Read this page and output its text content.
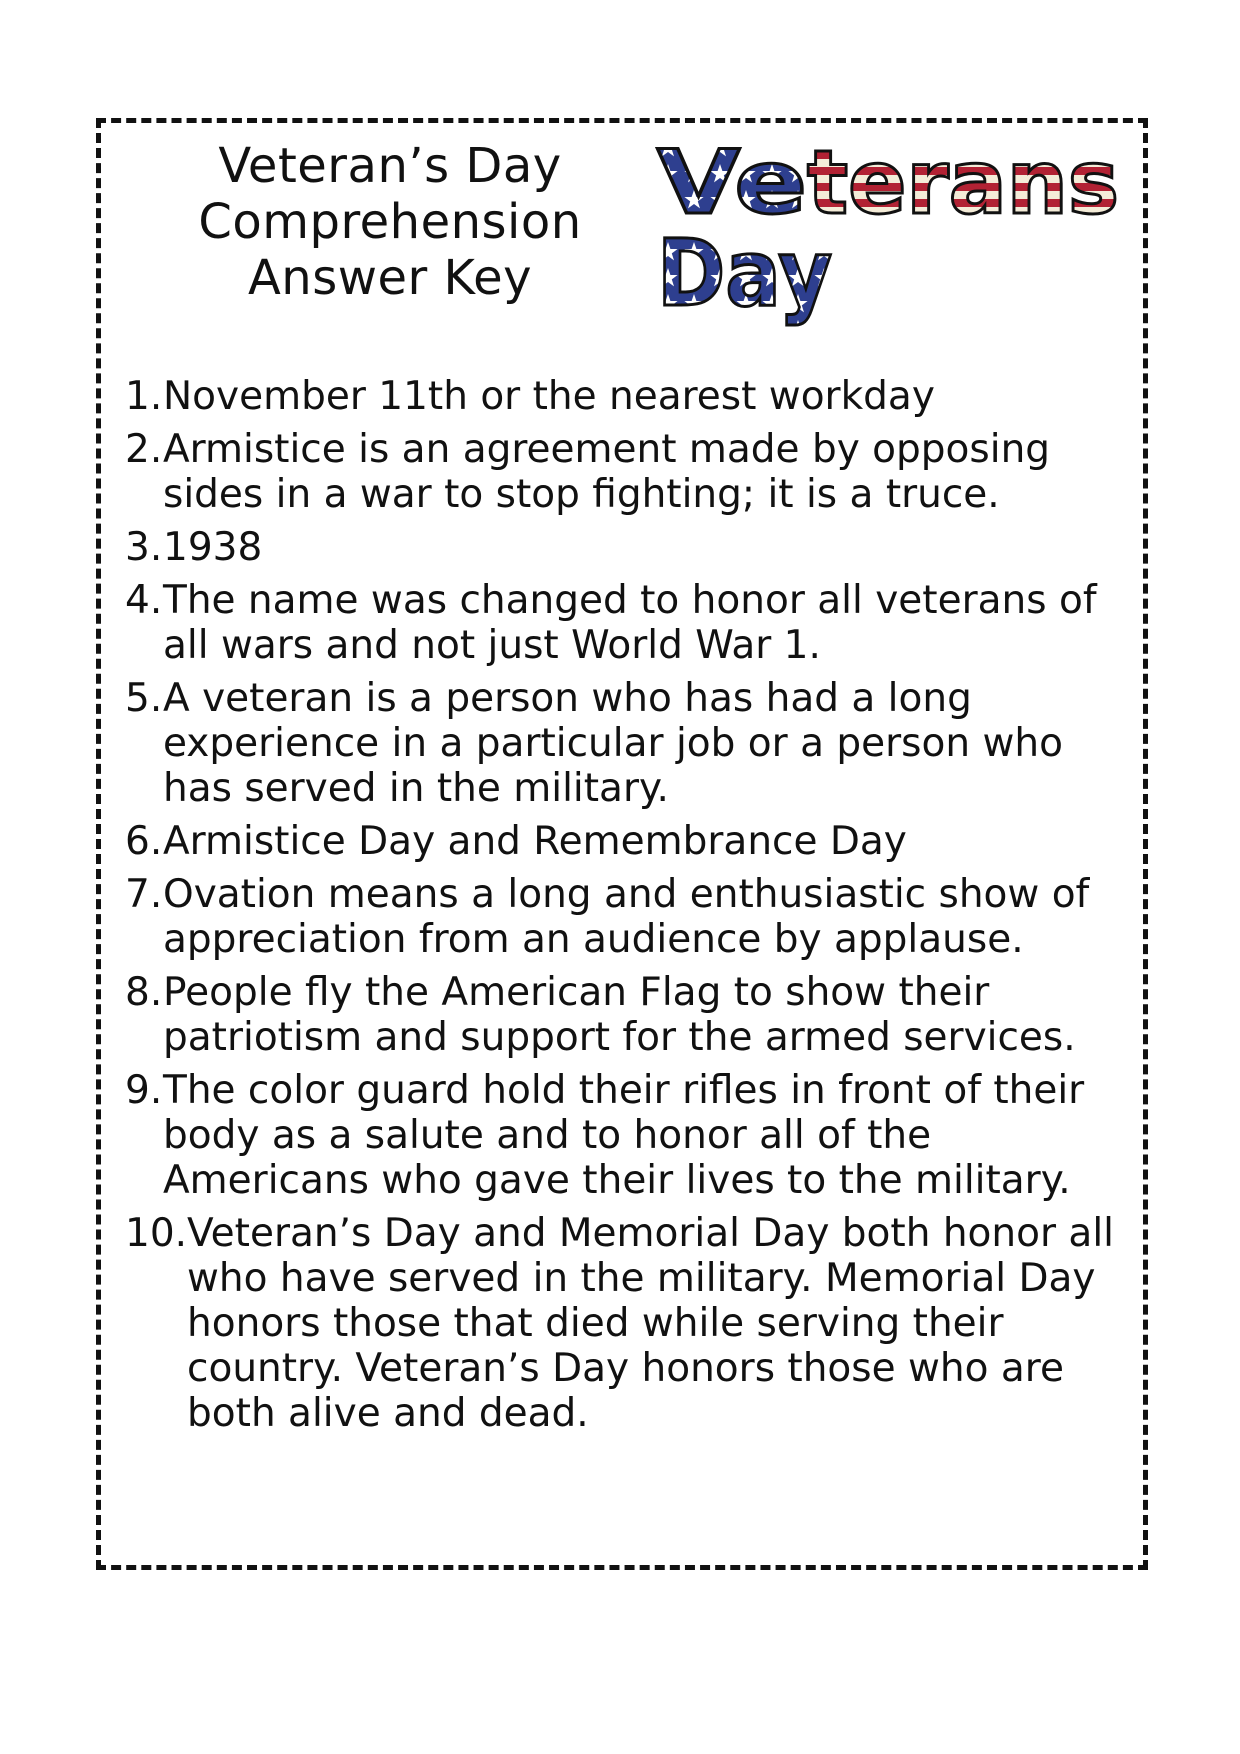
Veteran’s Day
Comprehension
Answer Key
Ve terans
Day
1. November 11th or the nearest workday
2. Armistice is an agreement made by opposing sides in a war to stop fighting; it is a truce.
3. 1938
4. The name was changed to honor all veterans of all wars and not just World War 1.
5. A veteran is a person who has had a long experience in a particular job or a person who has served in the military.
6. Armistice Day and Remembrance Day
7. Ovation means a long and enthusiastic show of appreciation from an audience by applause.
8. People fly the American Flag to show their patriotism and support for the armed services.
9. The color guard hold their rifles in front of their body as a salute and to honor all of the Americans who gave their lives to the military.
10. Veteran’s Day and Memorial Day both honor all who have served in the military. Memorial Day honors those that died while serving their country. Veteran’s Day honors those who are both alive and dead.
